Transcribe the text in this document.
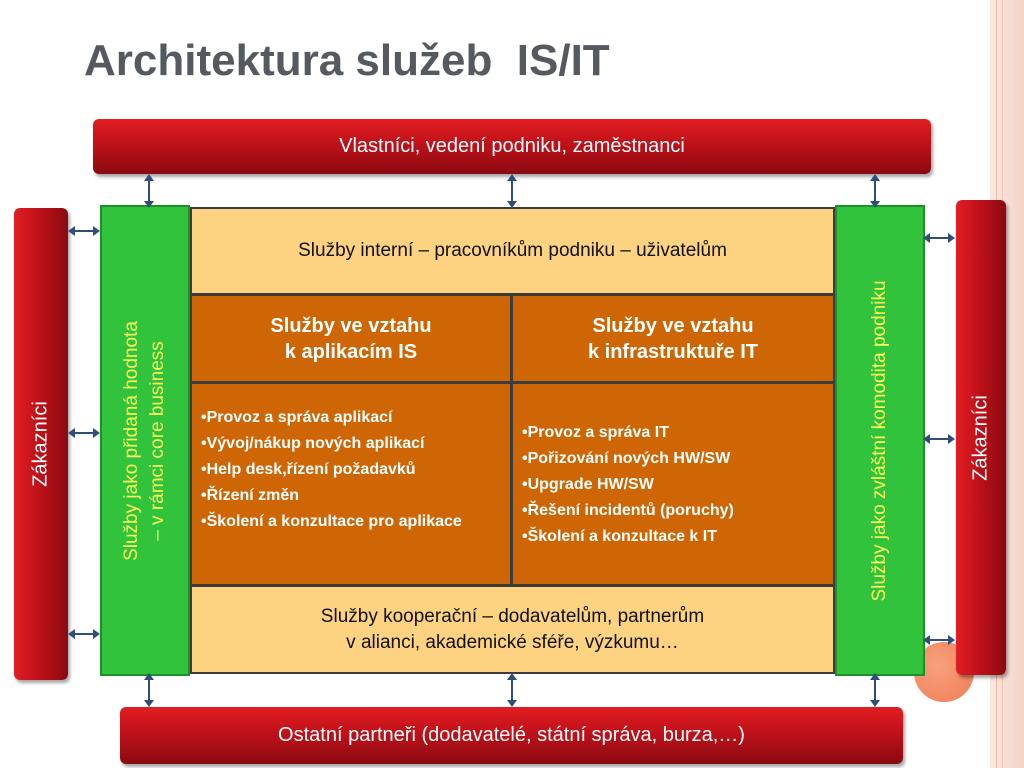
Architektura služeb  IS/IT
Vlastníci, vedení podniku, zaměstnanci
Zákazníci	Zákazníci
Služby jako přidaná hodnota – v rámci core business	Služby jako zvláštní komodita podniku
Služby interní – pracovníkům podniku – uživatelům
Služby ve vztahu
k aplikacím IS
Služby ve vztahu
k infrastruktuře IT
•Provoz a správa aplikací
•Vývoj/nákup nových aplikací
•Help desk,řízení požadavků
•Řízení změn
•Školení a konzultace pro aplikace
•Provoz a správa IT
•Pořizování nových HW/SW
•Upgrade HW/SW
•Řešení incidentů (poruchy)
•Školení a konzultace k IT
Služby kooperační – dodavatelům, partnerům
v alianci, akademické sféře, výzkumu…
Ostatní partneři (dodavatelé, státní správa, burza,…)
